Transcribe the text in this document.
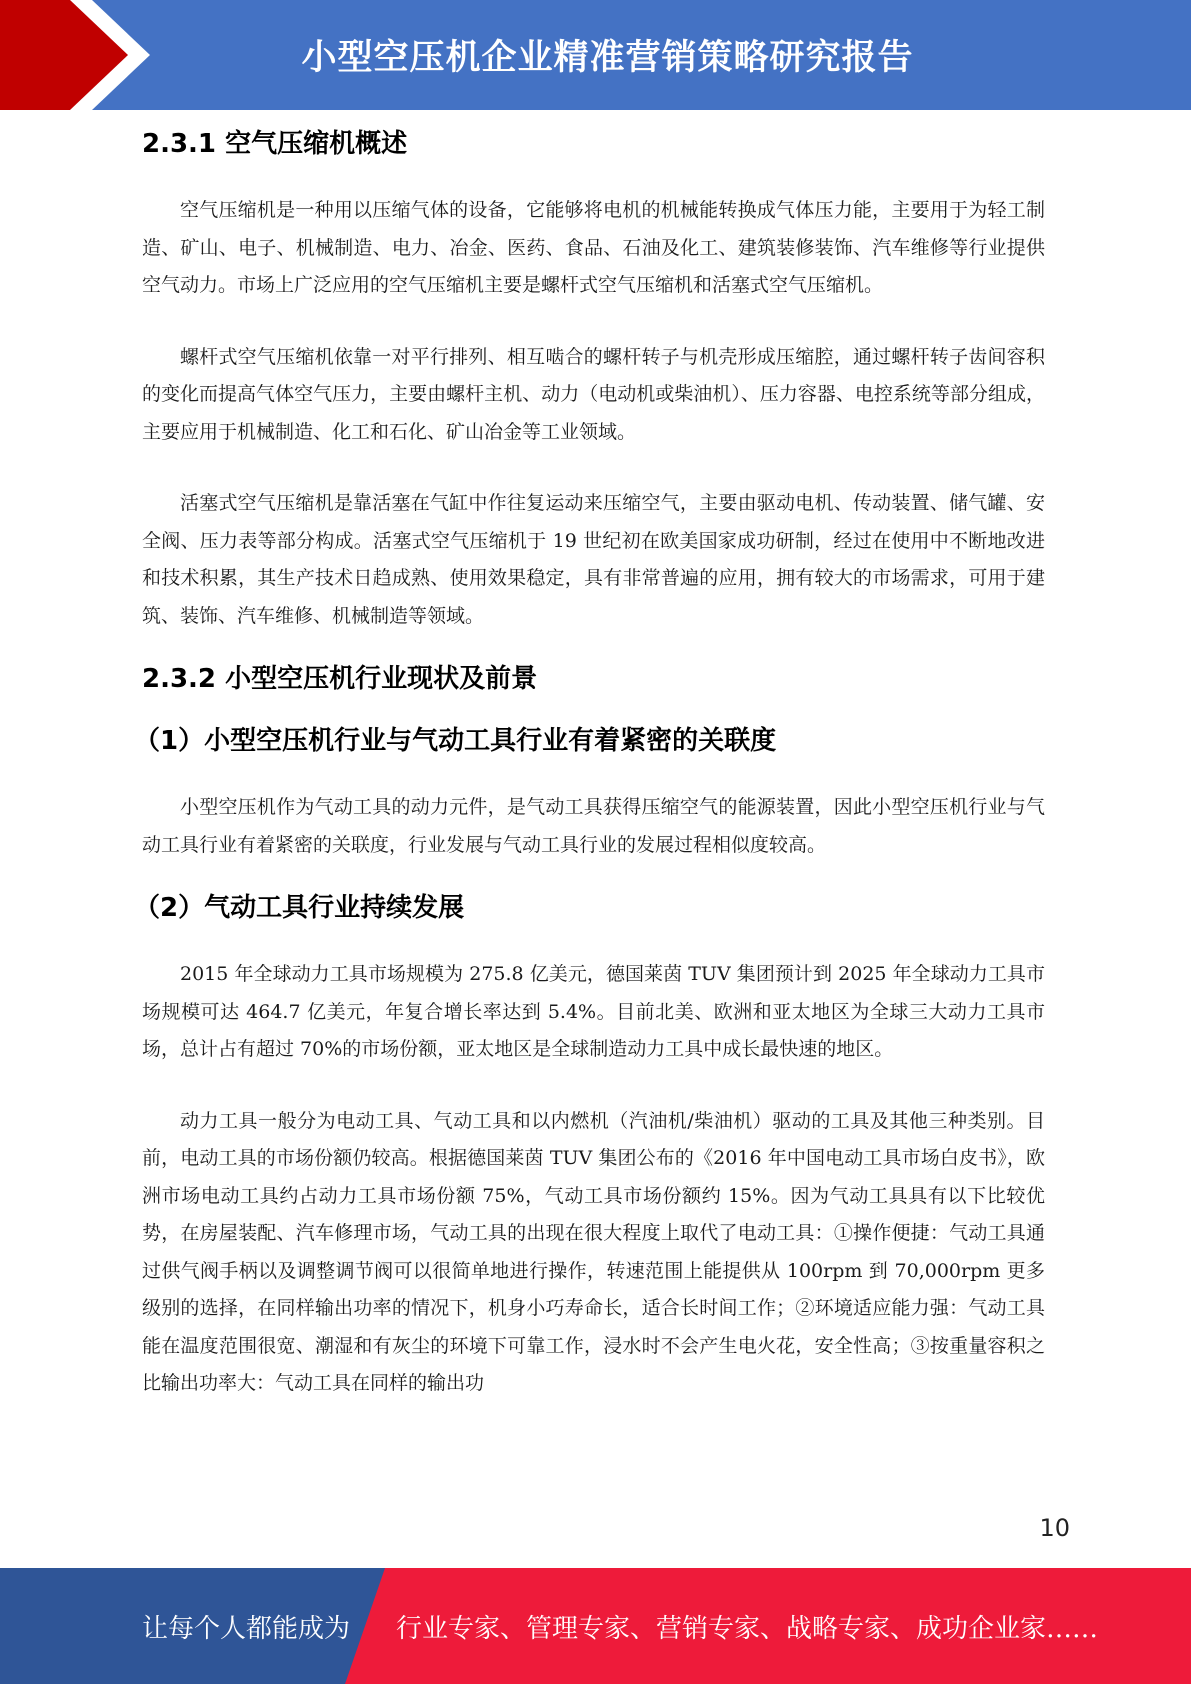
小型空压机企业精准营销策略研究报告
2.3.1 空气压缩机概述

空气压缩机是一种用以压缩气体的设备，它能够将电机的机械能转换成气体压力能，主要用于为轻工制造、矿山、电子、机械制造、电力、冶金、医药、食品、石油及化工、建筑装修装饰、汽车维修等行业提供空气动力。市场上广泛应用的空气压缩机主要是螺杆式空气压缩机和活塞式空气压缩机。

螺杆式空气压缩机依靠一对平行排列、相互啮合的螺杆转子与机壳形成压缩腔，通过螺杆转子齿间容积的变化而提高气体空气压力，主要由螺杆主机、动力（电动机或柴油机）、压力容器、电控系统等部分组成，主要应用于机械制造、化工和石化、矿山冶金等工业领域。

活塞式空气压缩机是靠活塞在气缸中作往复运动来压缩空气，主要由驱动电机、传动装置、储气罐、安全阀、压力表等部分构成。活塞式空气压缩机于 19 世纪初在欧美国家成功研制，经过在使用中不断地改进和技术积累，其生产技术日趋成熟、使用效果稳定，具有非常普遍的应用，拥有较大的市场需求，可用于建筑、装饰、汽车维修、机械制造等领域。

2.3.2 小型空压机行业现状及前景
（1）小型空压机行业与气动工具行业有着紧密的关联度

小型空压机作为气动工具的动力元件，是气动工具获得压缩空气的能源装置，因此小型空压机行业与气动工具行业有着紧密的关联度，行业发展与气动工具行业的发展过程相似度较高。

（2）气动工具行业持续发展

2015 年全球动力工具市场规模为 275.8 亿美元，德国莱茵 TUV 集团预计到 2025 年全球动力工具市场规模可达 464.7 亿美元，年复合增长率达到 5.4%。目前北美、欧洲和亚太地区为全球三大动力工具市场，总计占有超过 70%的市场份额，亚太地区是全球制造动力工具中成长最快速的地区。

动力工具一般分为电动工具、气动工具和以内燃机（汽油机/柴油机）驱动的工具及其他三种类别。目前，电动工具的市场份额仍较高。根据德国莱茵 TUV 集团公布的《2016 年中国电动工具市场白皮书》，欧洲市场电动工具约占动力工具市场份额 75%，气动工具市场份额约 15%。因为气动工具具有以下比较优势，在房屋装配、汽车修理市场，气动工具的出现在很大程度上取代了电动工具：①操作便捷：气动工具通过供气阀手柄以及调整调节阀可以很简单地进行操作，转速范围上能提供从 100rpm 到 70,000rpm 更多级别的选择，在同样输出功率的情况下，机身小巧寿命长，适合长时间工作；②环境适应能力强：气动工具能在温度范围很宽、潮湿和有灰尘的环境下可靠工作，浸水时不会产生电火花，安全性高；③按重量容积之比输出功率大：气动工具在同样的输出功

10
让每个人都能成为 行业专家、管理专家、营销专家、战略专家、成功企业家……
